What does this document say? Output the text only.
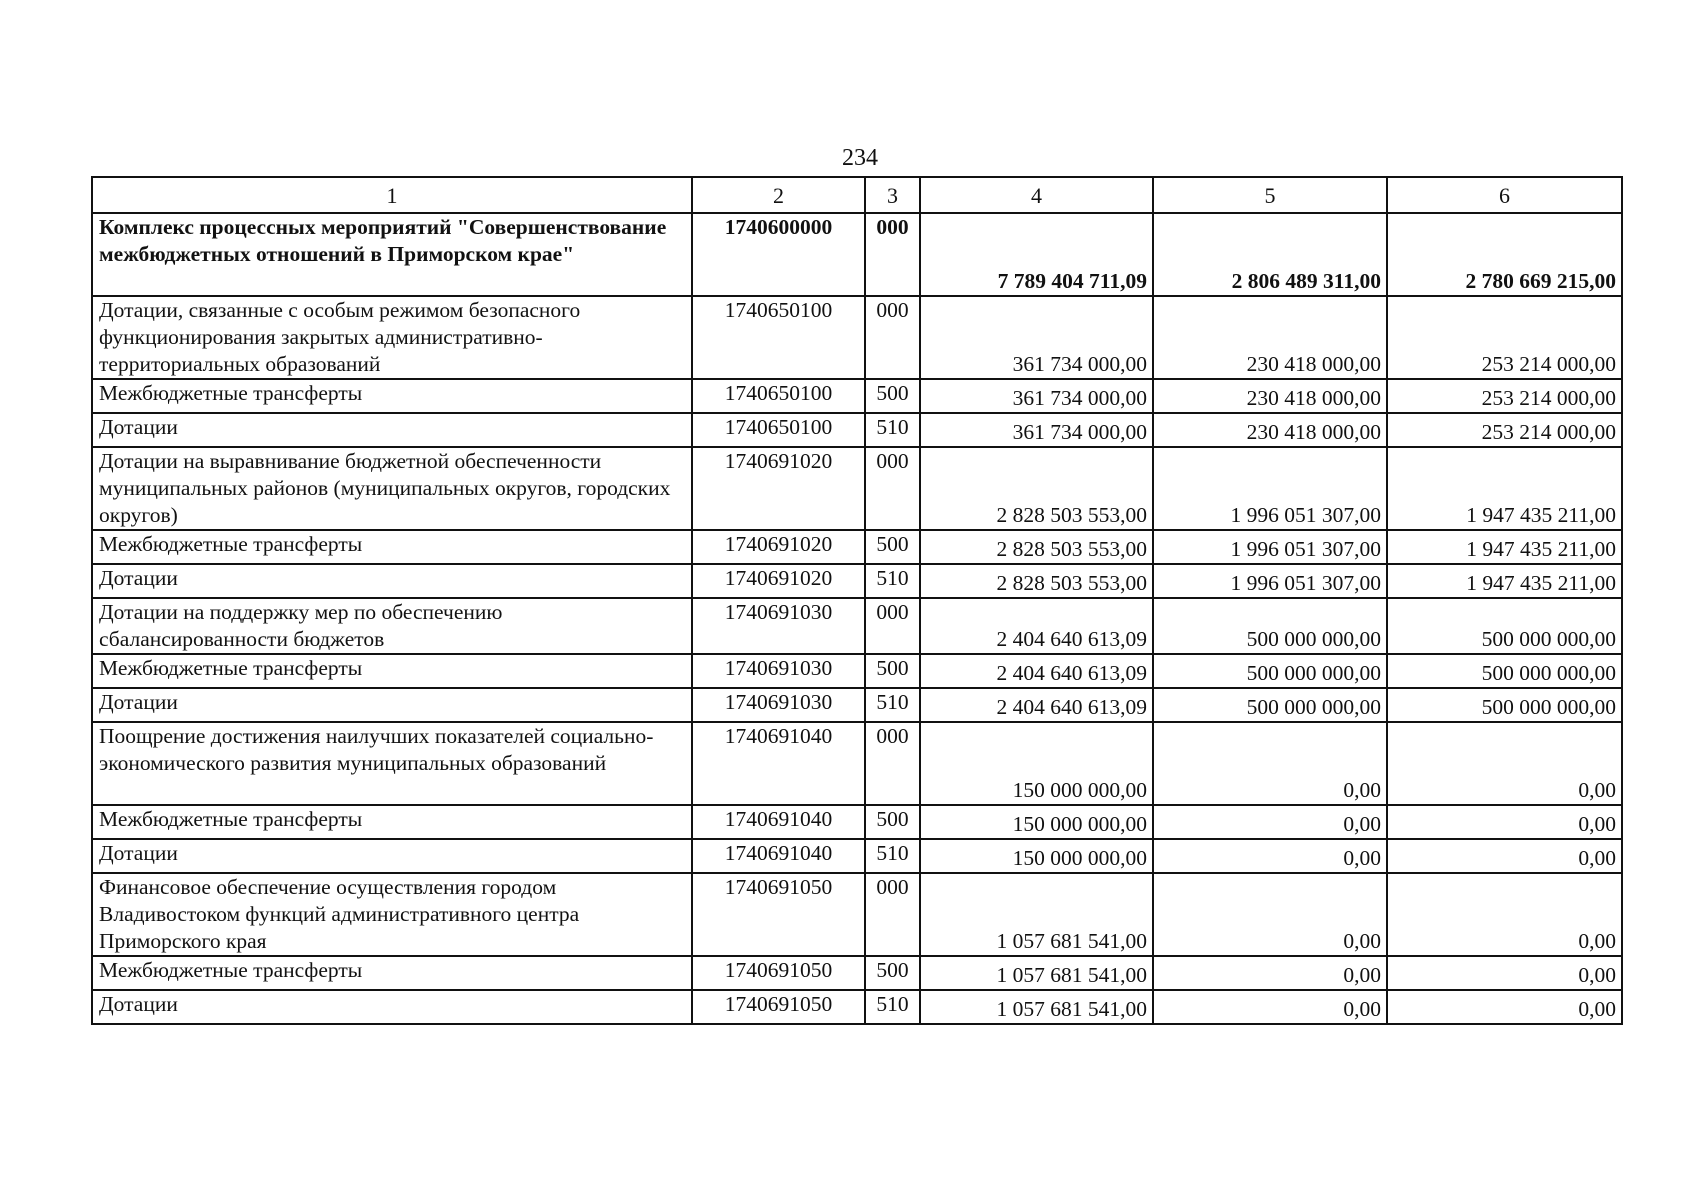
234
1	2	3	4	5	6
Комплекс процессных мероприятий "Совершенствование межбюджетных отношений в Приморском крае"	1740600000	000	7 789 404 711,09	2 806 489 311,00	2 780 669 215,00
Дотации, связанные с особым режимом безопасного функционирования закрытых административно-территориальных образований	1740650100	000	361 734 000,00	230 418 000,00	253 214 000,00
Межбюджетные трансферты	1740650100	500	361 734 000,00	230 418 000,00	253 214 000,00
Дотации	1740650100	510	361 734 000,00	230 418 000,00	253 214 000,00
Дотации на выравнивание бюджетной обеспеченности муниципальных районов (муниципальных округов, городских округов)	1740691020	000	2 828 503 553,00	1 996 051 307,00	1 947 435 211,00
Межбюджетные трансферты	1740691020	500	2 828 503 553,00	1 996 051 307,00	1 947 435 211,00
Дотации	1740691020	510	2 828 503 553,00	1 996 051 307,00	1 947 435 211,00
Дотации на поддержку мер по обеспечению сбалансированности бюджетов	1740691030	000	2 404 640 613,09	500 000 000,00	500 000 000,00
Межбюджетные трансферты	1740691030	500	2 404 640 613,09	500 000 000,00	500 000 000,00
Дотации	1740691030	510	2 404 640 613,09	500 000 000,00	500 000 000,00
Поощрение достижения наилучших показателей социально-экономического развития муниципальных образований	1740691040	000	150 000 000,00	0,00	0,00
Межбюджетные трансферты	1740691040	500	150 000 000,00	0,00	0,00
Дотации	1740691040	510	150 000 000,00	0,00	0,00
Финансовое обеспечение осуществления городом Владивостоком функций административного центра Приморского края	1740691050	000	1 057 681 541,00	0,00	0,00
Межбюджетные трансферты	1740691050	500	1 057 681 541,00	0,00	0,00
Дотации	1740691050	510	1 057 681 541,00	0,00	0,00
